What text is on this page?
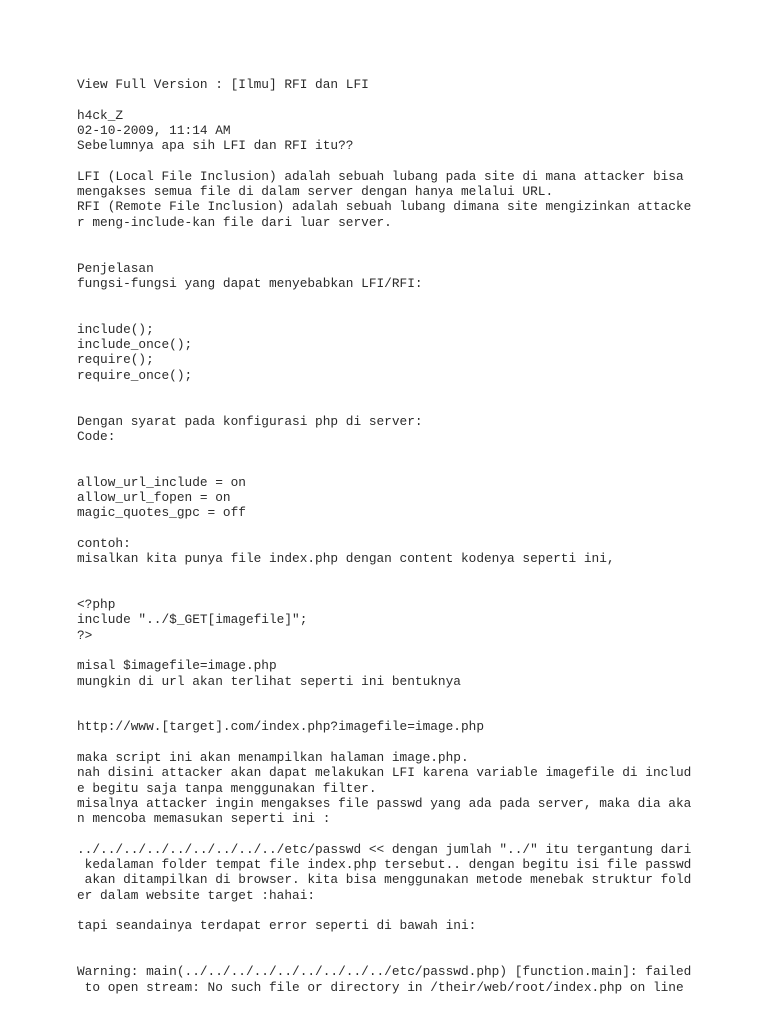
View Full Version : [Ilmu] RFI dan LFI
h4ck_Z
02-10-2009, 11:14 AM
Sebelumnya apa sih LFI dan RFI itu??
LFI (Local File Inclusion) adalah sebuah lubang pada site di mana attacker bisa
mengakses semua file di dalam server dengan hanya melalui URL.
RFI (Remote File Inclusion) adalah sebuah lubang dimana site mengizinkan attacke
r meng-include-kan file dari luar server.
Penjelasan
fungsi-fungsi yang dapat menyebabkan LFI/RFI:
include();
include_once();
require();
require_once();
Dengan syarat pada konfigurasi php di server:
Code:
allow_url_include = on
allow_url_fopen = on
magic_quotes_gpc = off
contoh:
misalkan kita punya file index.php dengan content kodenya seperti ini,
<?php
include "../$_GET[imagefile]";
?>
misal $imagefile=image.php
mungkin di url akan terlihat seperti ini bentuknya
http://www.[target].com/index.php?imagefile=image.php
maka script ini akan menampilkan halaman image.php.
nah disini attacker akan dapat melakukan LFI karena variable imagefile di includ
e begitu saja tanpa menggunakan filter.
misalnya attacker ingin mengakses file passwd yang ada pada server, maka dia aka
n mencoba memasukan seperti ini :
../../../../../../../../../etc/passwd << dengan jumlah "../" itu tergantung dari
kedalaman folder tempat file index.php tersebut.. dengan begitu isi file passwd
akan ditampilkan di browser. kita bisa menggunakan metode menebak struktur fold
er dalam website target :hahai:
tapi seandainya terdapat error seperti di bawah ini:
Warning: main(../../../../../../../../../etc/passwd.php) [function.main]: failed
to open stream: No such file or directory in /their/web/root/index.php on line
